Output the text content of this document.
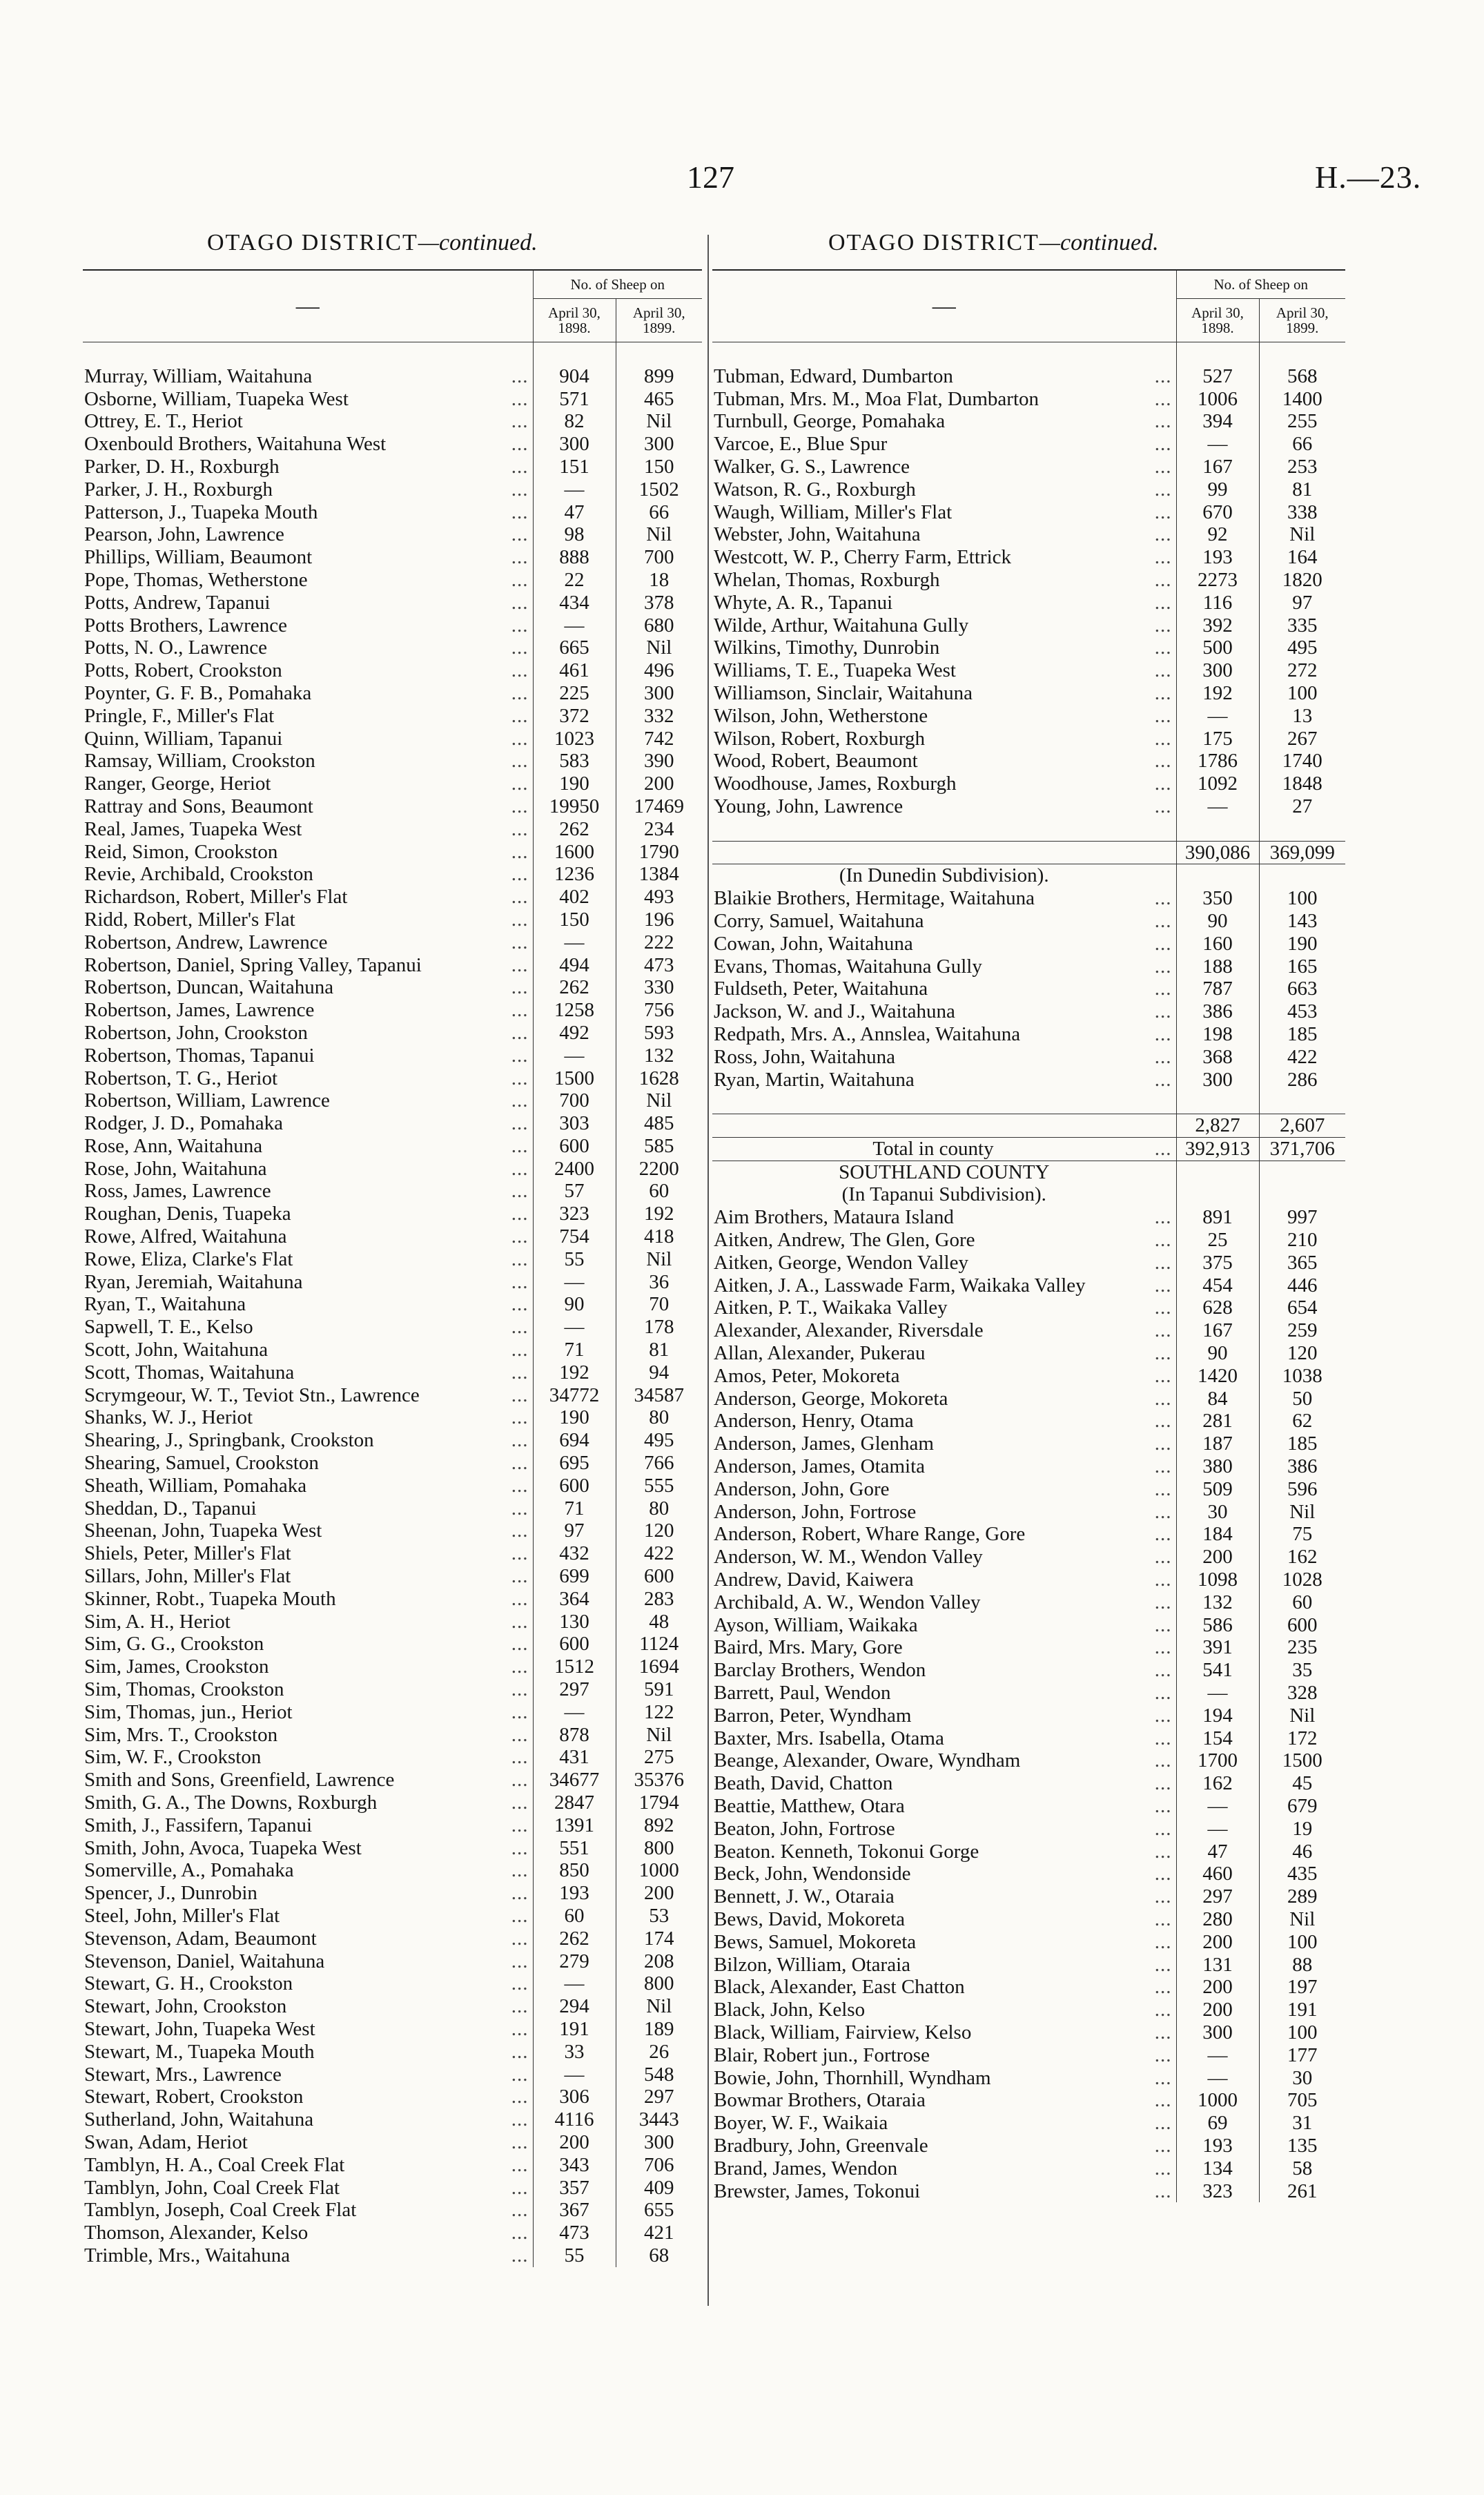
127	H.—23.
OTAGO DISTRICT—continued.	OTAGO DISTRICT—continued.
—		No. of Sheep on	
		April 30, 1898.	April 30, 1899.

Murray, William, Waitahuna	...	904	899
Osborne, William, Tuapeka West	...	571	465
Ottrey, E. T., Heriot	...	82	Nil
Oxenbould Brothers, Waitahuna West	...	300	300
Parker, D. H., Roxburgh	...	151	150
Parker, J. H., Roxburgh	...	—	1502
Patterson, J., Tuapeka Mouth	...	47	66
Pearson, John, Lawrence	...	98	Nil
Phillips, William, Beaumont	...	888	700
Pope, Thomas, Wetherstone	...	22	18
Potts, Andrew, Tapanui	...	434	378
Potts Brothers, Lawrence	...	—	680
Potts, N. O., Lawrence	...	665	Nil
Potts, Robert, Crookston	...	461	496
Poynter, G. F. B., Pomahaka	...	225	300
Pringle, F., Miller's Flat	...	372	332
Quinn, William, Tapanui	...	1023	742
Ramsay, William, Crookston	...	583	390
Ranger, George, Heriot	...	190	200
Rattray and Sons, Beaumont	...	19950	17469
Real, James, Tuapeka West	...	262	234
Reid, Simon, Crookston	...	1600	1790
Revie, Archibald, Crookston	...	1236	1384
Richardson, Robert, Miller's Flat	...	402	493
Ridd, Robert, Miller's Flat	...	150	196
Robertson, Andrew, Lawrence	...	—	222
Robertson, Daniel, Spring Valley, Tapanui	...	494	473
Robertson, Duncan, Waitahuna	...	262	330
Robertson, James, Lawrence	...	1258	756
Robertson, John, Crookston	...	492	593
Robertson, Thomas, Tapanui	...	—	132
Robertson, T. G., Heriot	...	1500	1628
Robertson, William, Lawrence	...	700	Nil
Rodger, J. D., Pomahaka	...	303	485
Rose, Ann, Waitahuna	...	600	585
Rose, John, Waitahuna	...	2400	2200
Ross, James, Lawrence	...	57	60
Roughan, Denis, Tuapeka	...	323	192
Rowe, Alfred, Waitahuna	...	754	418
Rowe, Eliza, Clarke's Flat	...	55	Nil
Ryan, Jeremiah, Waitahuna	...	—	36
Ryan, T., Waitahuna	...	90	70
Sapwell, T. E., Kelso	...	—	178
Scott, John, Waitahuna	...	71	81
Scott, Thomas, Waitahuna	...	192	94
Scrymgeour, W. T., Teviot Stn., Lawrence	...	34772	34587
Shanks, W. J., Heriot	...	190	80
Shearing, J., Springbank, Crookston	...	694	495
Shearing, Samuel, Crookston	...	695	766
Sheath, William, Pomahaka	...	600	555
Sheddan, D., Tapanui	...	71	80
Sheenan, John, Tuapeka West	...	97	120
Shiels, Peter, Miller's Flat	...	432	422
Sillars, John, Miller's Flat	...	699	600
Skinner, Robt., Tuapeka Mouth	...	364	283
Sim, A. H., Heriot	...	130	48
Sim, G. G., Crookston	...	600	1124
Sim, James, Crookston	...	1512	1694
Sim, Thomas, Crookston	...	297	591
Sim, Thomas, jun., Heriot	...	—	122
Sim, Mrs. T., Crookston	...	878	Nil
Sim, W. F., Crookston	...	431	275
Smith and Sons, Greenfield, Lawrence	...	34677	35376
Smith, G. A., The Downs, Roxburgh	...	2847	1794
Smith, J., Fassifern, Tapanui	...	1391	892
Smith, John, Avoca, Tuapeka West	...	551	800
Somerville, A., Pomahaka	...	850	1000
Spencer, J., Dunrobin	...	193	200
Steel, John, Miller's Flat	...	60	53
Stevenson, Adam, Beaumont	...	262	174
Stevenson, Daniel, Waitahuna	...	279	208
Stewart, G. H., Crookston	...	—	800
Stewart, John, Crookston	...	294	Nil
Stewart, John, Tuapeka West	...	191	189
Stewart, M., Tuapeka Mouth	...	33	26
Stewart, Mrs., Lawrence	...	—	548
Stewart, Robert, Crookston	...	306	297
Sutherland, John, Waitahuna	...	4116	3443
Swan, Adam, Heriot	...	200	300
Tamblyn, H. A., Coal Creek Flat	...	343	706
Tamblyn, John, Coal Creek Flat	...	357	409
Tamblyn, Joseph, Coal Creek Flat	...	367	655
Thomson, Alexander, Kelso	...	473	421
Trimble, Mrs., Waitahuna	...	55	68
—		No. of Sheep on	
		April 30, 1898.	April 30, 1899.

Tubman, Edward, Dumbarton	...	527	568
Tubman, Mrs. M., Moa Flat, Dumbarton	...	1006	1400
Turnbull, George, Pomahaka	...	394	255
Varcoe, E., Blue Spur	...	—	66
Walker, G. S., Lawrence	...	167	253
Watson, R. G., Roxburgh	...	99	81
Waugh, William, Miller's Flat	...	670	338
Webster, John, Waitahuna	...	92	Nil
Westcott, W. P., Cherry Farm, Ettrick	...	193	164
Whelan, Thomas, Roxburgh	...	2273	1820
Whyte, A. R., Tapanui	...	116	97
Wilde, Arthur, Waitahuna Gully	...	392	335
Wilkins, Timothy, Dunrobin	...	500	495
Williams, T. E., Tuapeka West	...	300	272
Williamson, Sinclair, Waitahuna	...	192	100
Wilson, John, Wetherstone	...	—	13
Wilson, Robert, Roxburgh	...	175	267
Wood, Robert, Beaumont	...	1786	1740
Woodhouse, James, Roxburgh	...	1092	1848
Young, John, Lawrence	...	—	27

		390,086	369,099
(In Dunedin Subdivision).			
Blaikie Brothers, Hermitage, Waitahuna	...	350	100
Corry, Samuel, Waitahuna	...	90	143
Cowan, John, Waitahuna	...	160	190
Evans, Thomas, Waitahuna Gully	...	188	165
Fuldseth, Peter, Waitahuna	...	787	663
Jackson, W. and J., Waitahuna	...	386	453
Redpath, Mrs. A., Annslea, Waitahuna	...	198	185
Ross, John, Waitahuna	...	368	422
Ryan, Martin, Waitahuna	...	300	286

		2,827	2,607
Total in county	...	392,913	371,706
SOUTHLAND COUNTY			
(In Tapanui Subdivision).			
Aim Brothers, Mataura Island	...	891	997
Aitken, Andrew, The Glen, Gore	...	25	210
Aitken, George, Wendon Valley	...	375	365
Aitken, J. A., Lasswade Farm, Waikaka Valley	...	454	446
Aitken, P. T., Waikaka Valley	...	628	654
Alexander, Alexander, Riversdale	...	167	259
Allan, Alexander, Pukerau	...	90	120
Amos, Peter, Mokoreta	...	1420	1038
Anderson, George, Mokoreta	...	84	50
Anderson, Henry, Otama	...	281	62
Anderson, James, Glenham	...	187	185
Anderson, James, Otamita	...	380	386
Anderson, John, Gore	...	509	596
Anderson, John, Fortrose	...	30	Nil
Anderson, Robert, Whare Range, Gore	...	184	75
Anderson, W. M., Wendon Valley	...	200	162
Andrew, David, Kaiwera	...	1098	1028
Archibald, A. W., Wendon Valley	...	132	60
Ayson, William, Waikaka	...	586	600
Baird, Mrs. Mary, Gore	...	391	235
Barclay Brothers, Wendon	...	541	35
Barrett, Paul, Wendon	...	—	328
Barron, Peter, Wyndham	...	194	Nil
Baxter, Mrs. Isabella, Otama	...	154	172
Beange, Alexander, Oware, Wyndham	...	1700	1500
Beath, David, Chatton	...	162	45
Beattie, Matthew, Otara	...	—	679
Beaton, John, Fortrose	...	—	19
Beaton. Kenneth, Tokonui Gorge	...	47	46
Beck, John, Wendonside	...	460	435
Bennett, J. W., Otaraia	...	297	289
Bews, David, Mokoreta	...	280	Nil
Bews, Samuel, Mokoreta	...	200	100
Bilzon, William, Otaraia	...	131	88
Black, Alexander, East Chatton	...	200	197
Black, John, Kelso	...	200	191
Black, William, Fairview, Kelso	...	300	100
Blair, Robert jun., Fortrose	...	—	177
Bowie, John, Thornhill, Wyndham	...	—	30
Bowmar Brothers, Otaraia	...	1000	705
Boyer, W. F., Waikaia	...	69	31
Bradbury, John, Greenvale	...	193	135
Brand, James, Wendon	...	134	58
Brewster, James, Tokonui	...	323	261
